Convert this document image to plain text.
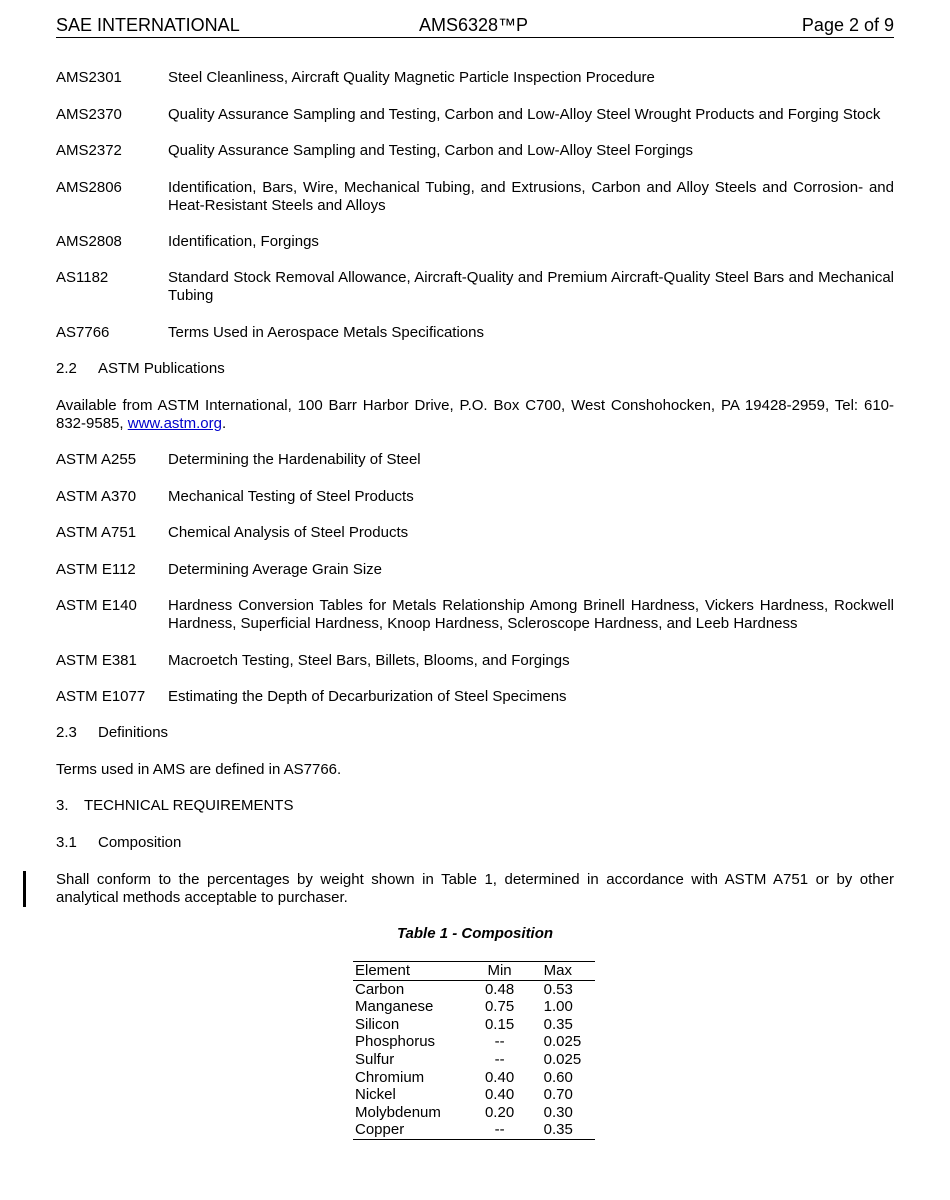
SAE INTERNATIONAL	AMS6328™P	Page 2 of 9
AMS2301	Steel Cleanliness, Aircraft Quality Magnetic Particle Inspection Procedure
AMS2370	Quality Assurance Sampling and Testing, Carbon and Low-Alloy Steel Wrought Products and Forging Stock
AMS2372	Quality Assurance Sampling and Testing, Carbon and Low-Alloy Steel Forgings
AMS2806	Identification, Bars, Wire, Mechanical Tubing, and Extrusions, Carbon and Alloy Steels and Corrosion- and Heat-Resistant Steels and Alloys
AMS2808	Identification, Forgings
AS1182	Standard Stock Removal Allowance, Aircraft-Quality and Premium Aircraft-Quality Steel Bars and Mechanical Tubing
AS7766	Terms Used in Aerospace Metals Specifications
2.2 ASTM Publications
Available from ASTM International, 100 Barr Harbor Drive, P.O. Box C700, West Conshohocken, PA 19428-2959, Tel: 610-832-9585, www.astm.org.
ASTM A255 Determining the Hardenability of Steel
ASTM A370 Mechanical Testing of Steel Products
ASTM A751 Chemical Analysis of Steel Products
ASTM E112 Determining Average Grain Size
ASTM E140 Hardness Conversion Tables for Metals Relationship Among Brinell Hardness, Vickers Hardness, Rockwell Hardness, Superficial Hardness, Knoop Hardness, Scleroscope Hardness, and Leeb Hardness
ASTM E381 Macroetch Testing, Steel Bars, Billets, Blooms, and Forgings
ASTM E1077 Estimating the Depth of Decarburization of Steel Specimens
2.3 Definitions
Terms used in AMS are defined in AS7766.
3. TECHNICAL REQUIREMENTS
3.1 Composition
Shall conform to the percentages by weight shown in Table 1, determined in accordance with ASTM A751 or by other analytical methods acceptable to purchaser.
Table 1 - Composition
Element	Min	Max
Carbon	0.48	0.53
Manganese	0.75	1.00
Silicon	0.15	0.35
Phosphorus	--	0.025
Sulfur	--	0.025
Chromium	0.40	0.60
Nickel	0.40	0.70
Molybdenum	0.20	0.30
Copper	--	0.35
